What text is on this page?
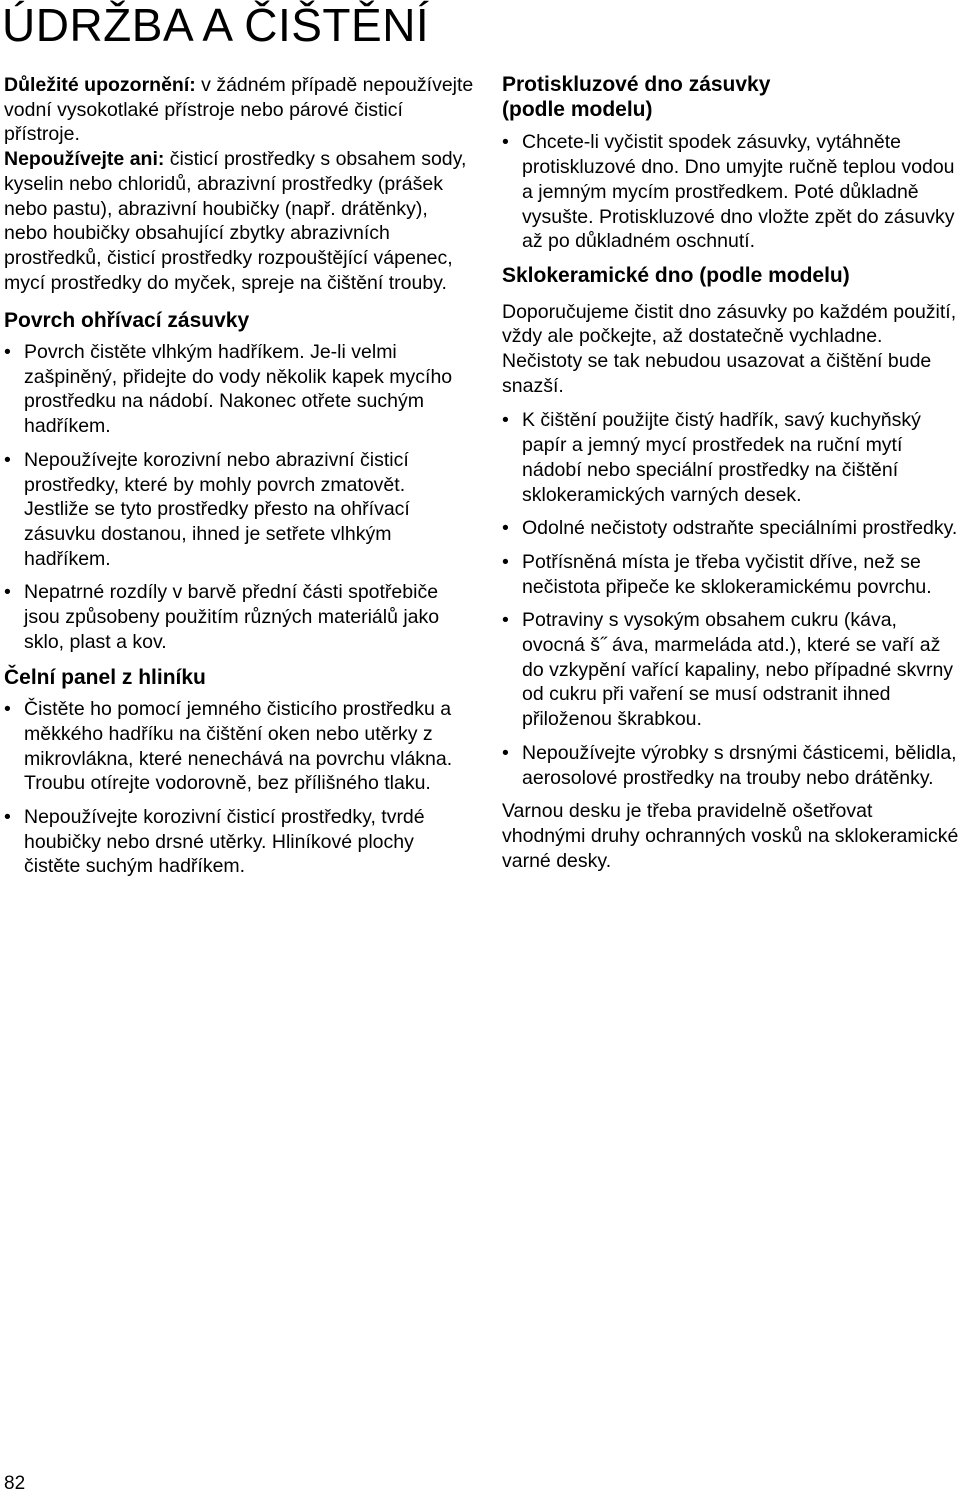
ÚDRŽBA A ČIŠTĚNÍ

Důležité upozornění: v žádném případě nepoužívejte vodní vysokotlaké přístroje nebo párové čisticí přístroje.
Nepoužívejte ani: čisticí prostředky s obsahem sody, kyselin nebo chloridů, abrazivní prostředky (prášek nebo pastu), abrazivní houbičky (např. drátěnky), nebo houbičky obsahující zbytky abrazivních prostředků, čisticí prostředky rozpouštějící vápenec, mycí prostředky do myček, spreje na čištění trouby.

Povrch ohřívací zásuvky
• Povrch čistěte vlhkým hadříkem. Je-li velmi zašpiněný, přidejte do vody několik kapek mycího prostředku na nádobí. Nakonec otřete suchým hadříkem.
• Nepoužívejte korozivní nebo abrazivní čisticí prostředky, které by mohly povrch zmatovět. Jestliže se tyto prostředky přesto na ohřívací zásuvku dostanou, ihned je setřete vlhkým hadříkem.
• Nepatrné rozdíly v barvě přední části spotřebiče jsou způsobeny použitím různých materiálů jako sklo, plast a kov.
Čelní panel z hliníku
• Čistěte ho pomocí jemného čisticího prostředku a měkkého hadříku na čištění oken nebo utěrky z mikrovlákna, které nenechává na povrchu vlákna. Troubu otírejte vodorovně, bez přílišného tlaku.
• Nepoužívejte korozivní čisticí prostředky, tvrdé houbičky nebo drsné utěrky. Hliníkové plochy čistěte suchým hadříkem.
Protiskluzové dno zásuvky
(podle modelu)
• Chcete-li vyčistit spodek zásuvky, vytáhněte protiskluzové dno. Dno umyjte ručně teplou vodou a jemným mycím prostředkem. Poté důkladně vysušte. Protiskluzové dno vložte zpět do zásuvky až po důkladném oschnutí.
Sklokeramické dno (podle modelu)

Doporučujeme čistit dno zásuvky po každém použití, vždy ale počkejte, až dostatečně vychladne. Nečistoty se tak nebudou usazovat a čištění bude snazší.

• K čištění použijte čistý hadřík, savý kuchyňský papír a jemný mycí prostředek na ruční mytí nádobí nebo speciální prostředky na čištění sklokeramických varných desek.
• Odolné nečistoty odstraňte speciálními prostředky.
• Potřísněná místa je třeba vyčistit dříve, než se nečistota připeče ke sklokeramickému povrchu.
• Potraviny s vysokým obsahem cukru (káva, ovocná š˝ áva, marmeláda atd.), které se vaří až do vzkypění vařící kapaliny, nebo případné skvrny od cukru při vaření se musí odstranit ihned přiloženou škrabkou.
• Nepoužívejte výrobky s drsnými částicemi, bělidla, aerosolové prostředky na trouby nebo drátěnky.

Varnou desku je třeba pravidelně ošetřovat vhodnými druhy ochranných vosků na sklokeramické varné desky.

82
